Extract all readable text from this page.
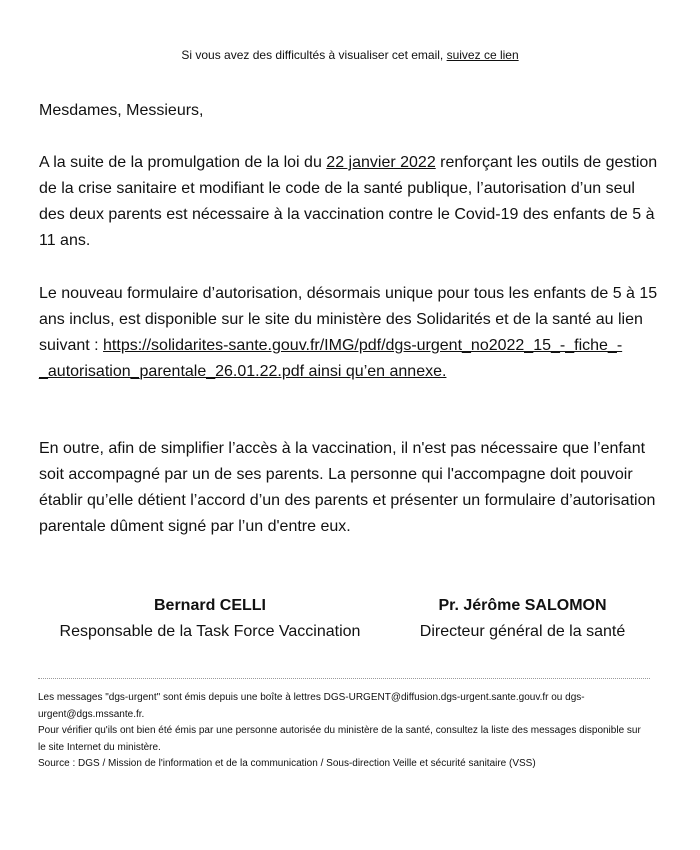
Si vous avez des difficultés à visualiser cet email, suivez ce lien

Mesdames, Messieurs,

A la suite de la promulgation de la loi du 22 janvier 2022 renforçant les outils de gestion de la crise sanitaire et modifiant le code de la santé publique, l’autorisation d’un seul des deux parents est nécessaire à la vaccination contre le Covid-19 des enfants de 5 à 11 ans.

Le nouveau formulaire d’autorisation, désormais unique pour tous les enfants de 5 à 15 ans inclus, est disponible sur le site du ministère des Solidarités et de la santé au lien suivant : https://solidarites-sante.gouv.fr/IMG/pdf/dgs-urgent_no2022_15_-_fiche_-_autorisation_parentale_26.01.22.pdf ainsi qu’en annexe.

En outre, afin de simplifier l’accès à la vaccination, il n'est pas nécessaire que l’enfant soit accompagné par un de ses parents. La personne qui l'accompagne doit pouvoir établir qu’elle détient l’accord d’un des parents et présenter un formulaire d’autorisation parentale dûment signé par l’un d'entre eux.

Bernard CELLI
Responsable de la Task Force Vaccination
Pr. Jérôme SALOMON
Directeur général de la santé
Les messages "dgs-urgent" sont émis depuis une boîte à lettres DGS-URGENT@diffusion.dgs-urgent.sante.gouv.fr ou dgs-urgent@dgs.mssante.fr.
Pour vérifier qu'ils ont bien été émis par une personne autorisée du ministère de la santé, consultez la liste des messages disponible sur le site Internet du ministère.
Source : DGS / Mission de l'information et de la communication / Sous-direction Veille et sécurité sanitaire (VSS)
